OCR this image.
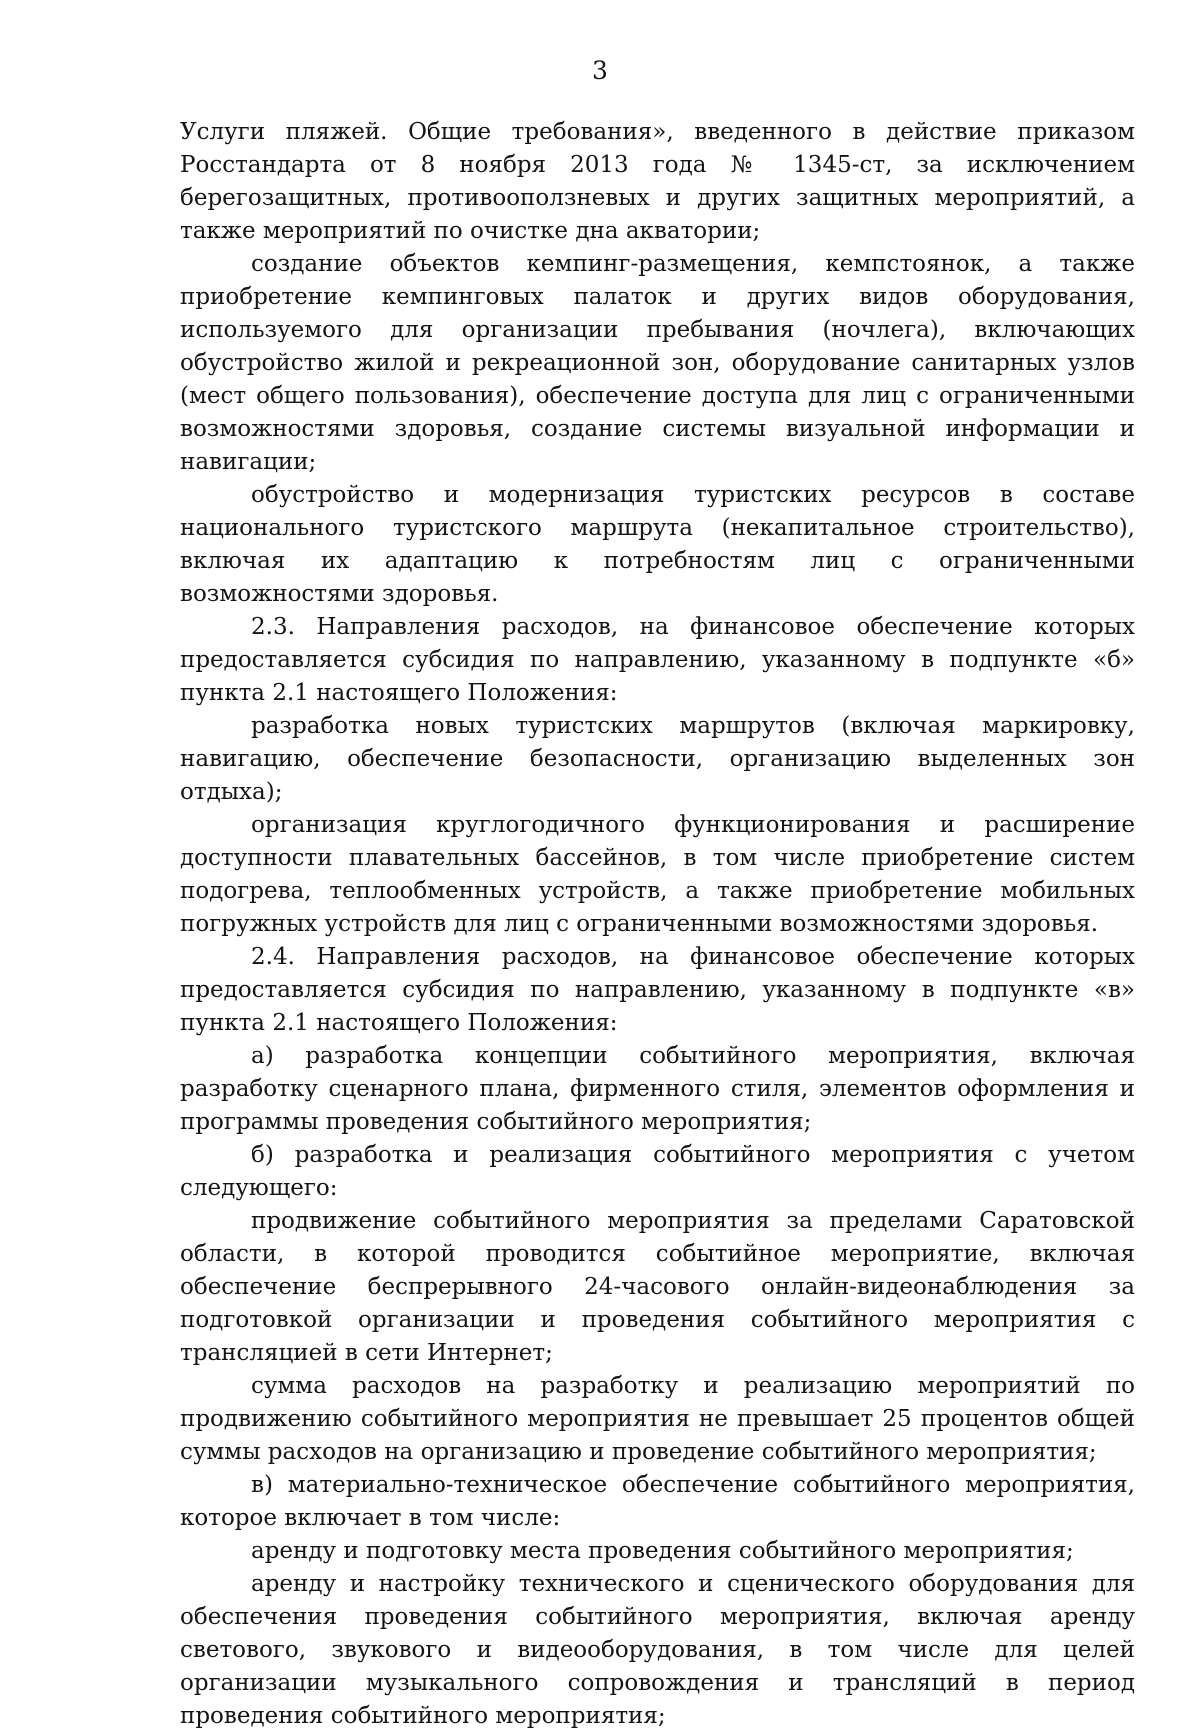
3

Услуги пляжей. Общие требования», введенного в действие приказом Росстандарта от 8 ноября 2013 года № 1345-ст, за исключением берегозащитных, противооползневых и других защитных мероприятий, а также мероприятий по очистке дна акватории;

создание объектов кемпинг-размещения, кемпстоянок, а также приобретение кемпинговых палаток и других видов оборудования, используемого для организации пребывания (ночлега), включающих обустройство жилой и рекреационной зон, оборудование санитарных узлов (мест общего пользования), обеспечение доступа для лиц с ограниченными возможностями здоровья, создание системы визуальной информации и навигации;

обустройство и модернизация туристских ресурсов в составе национального туристского маршрута (некапитальное строительство), включая их адаптацию к потребностям лиц с ограниченными возможностями здоровья.

2.3. Направления расходов, на финансовое обеспечение которых предоставляется субсидия по направлению, указанному в подпункте «б» пункта 2.1 настоящего Положения:

разработка новых туристских маршрутов (включая маркировку, навигацию, обеспечение безопасности, организацию выделенных зон отдыха);

организация круглогодичного функционирования и расширение доступности плавательных бассейнов, в том числе приобретение систем подогрева, теплообменных устройств, а также приобретение мобильных погружных устройств для лиц с ограниченными возможностями здоровья.

2.4. Направления расходов, на финансовое обеспечение которых предоставляется субсидия по направлению, указанному в подпункте «в» пункта 2.1 настоящего Положения:

а) разработка концепции событийного мероприятия, включая разработку сценарного плана, фирменного стиля, элементов оформления и программы проведения событийного мероприятия;

б) разработка и реализация событийного мероприятия с учетом следующего:

продвижение событийного мероприятия за пределами Саратовской области, в которой проводится событийное мероприятие, включая обеспечение беспрерывного 24-часового онлайн-видеонаблюдения за подготовкой организации и проведения событийного мероприятия с трансляцией в сети Интернет;

сумма расходов на разработку и реализацию мероприятий по продвижению событийного мероприятия не превышает 25 процентов общей суммы расходов на организацию и проведение событийного мероприятия;

в) материально-техническое обеспечение событийного мероприятия, которое включает в том числе:

аренду и подготовку места проведения событийного мероприятия;

аренду и настройку технического и сценического оборудования для обеспечения проведения событийного мероприятия, включая аренду светового, звукового и видеооборудования, в том числе для целей организации музыкального сопровождения и трансляций в период проведения событийного мероприятия;
